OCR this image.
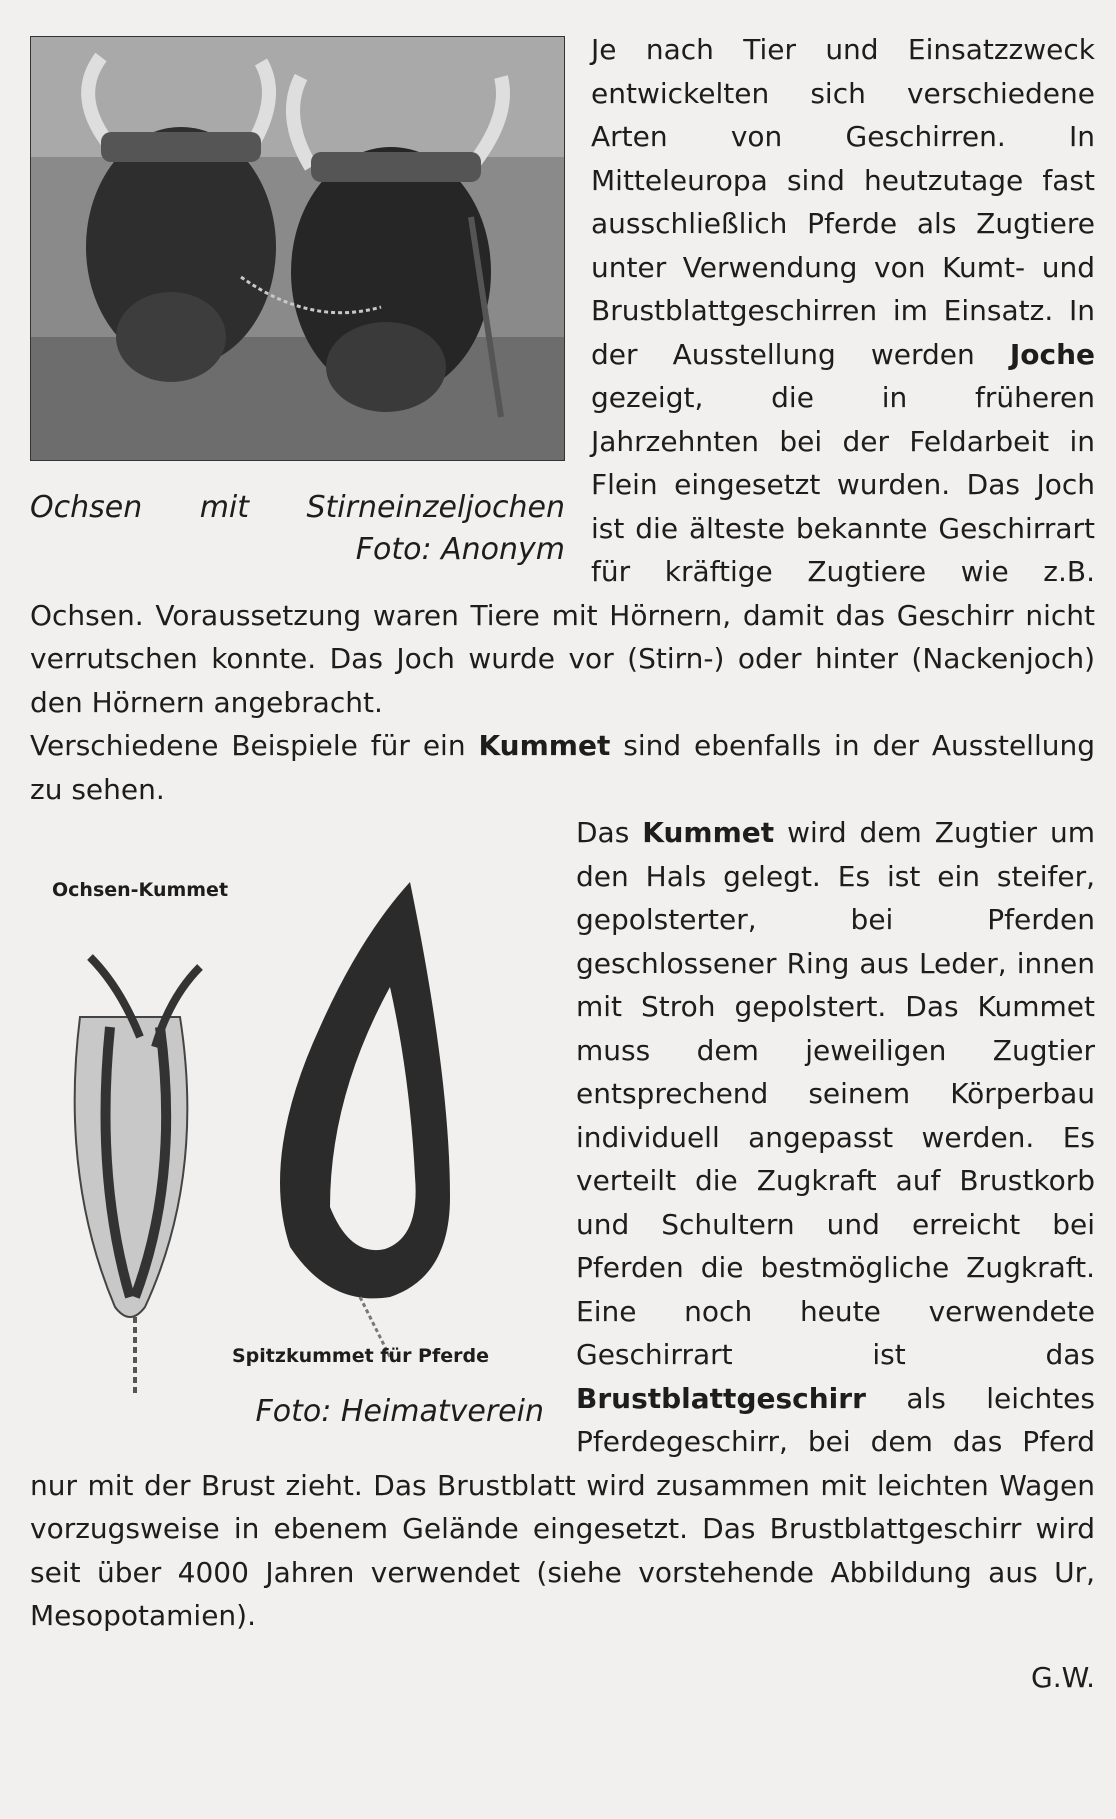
Ochsen mit Stirneinzeljochen
Foto: Anonym

Je nach Tier und Einsatzzweck entwickelten sich verschiedene Arten von Geschirren. In Mitteleuropa sind heutzutage fast ausschließlich Pferde als Zugtiere unter Verwendung von Kumt- und Brustblattgeschirren im Einsatz. In der Ausstellung werden Joche gezeigt, die in früheren Jahrzehnten bei der Feldarbeit in Flein eingesetzt wurden. Das Joch ist die älteste bekannte Geschirrart für kräftige Zugtiere wie z.B. Ochsen. Voraussetzung waren Tiere mit Hörnern, damit das Geschirr nicht verrutschen konnte. Das Joch wurde vor (Stirn-) oder hinter (Nackenjoch) den Hörnern angebracht.

Verschiedene Beispiele für ein Kummet sind ebenfalls in der Ausstellung zu sehen.

Ochsen-Kummet
Spitzkummet für Pferde
Foto: Heimatverein

Das Kummet wird dem Zugtier um den Hals gelegt. Es ist ein steifer, gepolsterter, bei Pferden geschlossener Ring aus Leder, innen mit Stroh gepolstert. Das Kummet muss dem jeweiligen Zugtier entsprechend seinem Körperbau individuell angepasst werden. Es verteilt die Zugkraft auf Brustkorb und Schultern und erreicht bei Pferden die bestmögliche Zugkraft. Eine noch heute verwendete Geschirrart ist das Brustblattgeschirr als leichtes Pferdegeschirr, bei dem das Pferd nur mit der Brust zieht. Das Brustblatt wird zusammen mit leichten Wagen vorzugsweise in ebenem Gelände eingesetzt. Das Brustblattgeschirr wird seit über 4000 Jahren verwendet (siehe vorstehende Abbildung aus Ur, Mesopotamien).

G.W.
